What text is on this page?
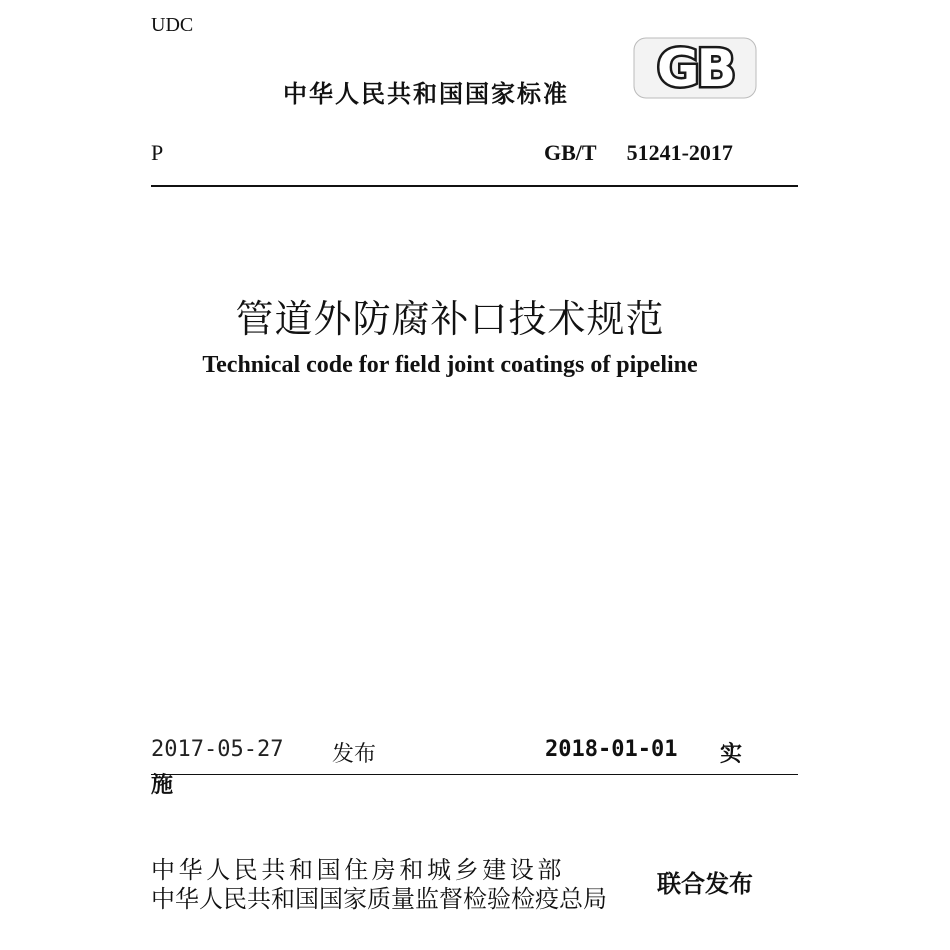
UDC
中华人民共和国国家标准 GB
P	GB/T 51241-2017
管道外防腐补口技术规范
Technical code for field joint coatings of pipeline
2017-05-27 发布	2018-01-01 实
施
中华人民共和国住房和城乡建设部
中华人民共和国国家质量监督检验检疫总局
联合发布
